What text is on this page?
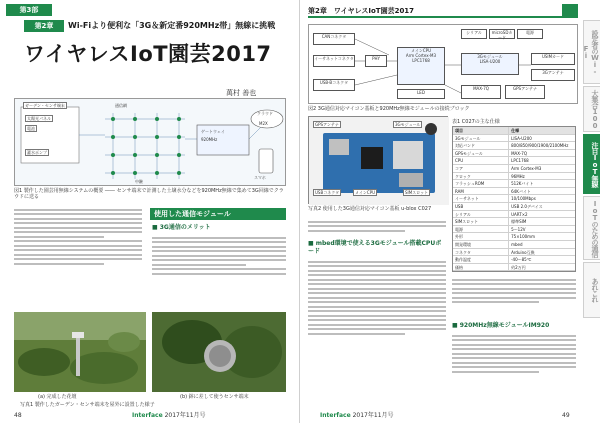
第3部
第2章	Wi-Fiより便利な「3G＆新定番920MHz帯」無線に挑戦
ワイヤレスIoT園芸2017
萬村 善也
ガーデン・センサ端末
太陽光パネル
電池
通信網
中継
ゲートウェイ
920MHz
クラウド
M2X
スマホ
灌水ポンプ
図1 製作した園芸用無線システムの概要 ―― センサ端末で計測した土壌水分などを920MHz無線で集めて3G回線でクラウドに送る
使用した通信モジュール
■ 3G通信のメリット
(a) 完成した花壇	(b) 鉢に差して使うセンサ端末
写真1 製作したガーデン・センサ端末を屋外に設置した様子
48	Interface 2017年11月号
第2章　ワイヤレスIoT園芸2017
CANコネクタ
イーサネットコネクタ	PHY
USB-Bコネクタ
メインCPU
Arm Cortex-M3 LPC1768
LED
シリアル	microSDカード
電源
3Gモジュール
LISA-U200
USIMカード
3Gアンテナ
MAX-7Q	GPSアンテナ
図2 3G通信対応マイコン基板と920MHz無線モジュールの接続ブロック
GPSアンテナ
USBコネクタ	メインCPU
3Gモジュール
SIMスロット
写真2 使用した3G通信対応マイコン基板 u-blox C027
■ mbed環境で使える3Gモジュール搭載CPUボード
表1 C027の主な仕様
項目	仕様
3Gモジュール	LISA-U200
対応バンド	800/850/900/1900/2100MHz
GPSモジュール	MAX-7Q
CPU	LPC1768
コア	Arm Cortex-M3
クロック	96MHz
フラッシュROM	512Kバイト
RAM	64Kバイト
イーサネット	10/100Mbps
USB	USB 2.0デバイス
シリアル	UART×2
SIMスロット	標準SIM
電源	5～12V
外形	75×100mm
開発環境	mbed
コネクタ	Arduino互換
動作温度	-40～85℃
価格	約2万円
■ 920MHz無線モジュールIM920
Interface 2017年11月号	49
設定者のWi-Fi
大集合100
注目IoT無線
IoTのための通信
あれこれ
